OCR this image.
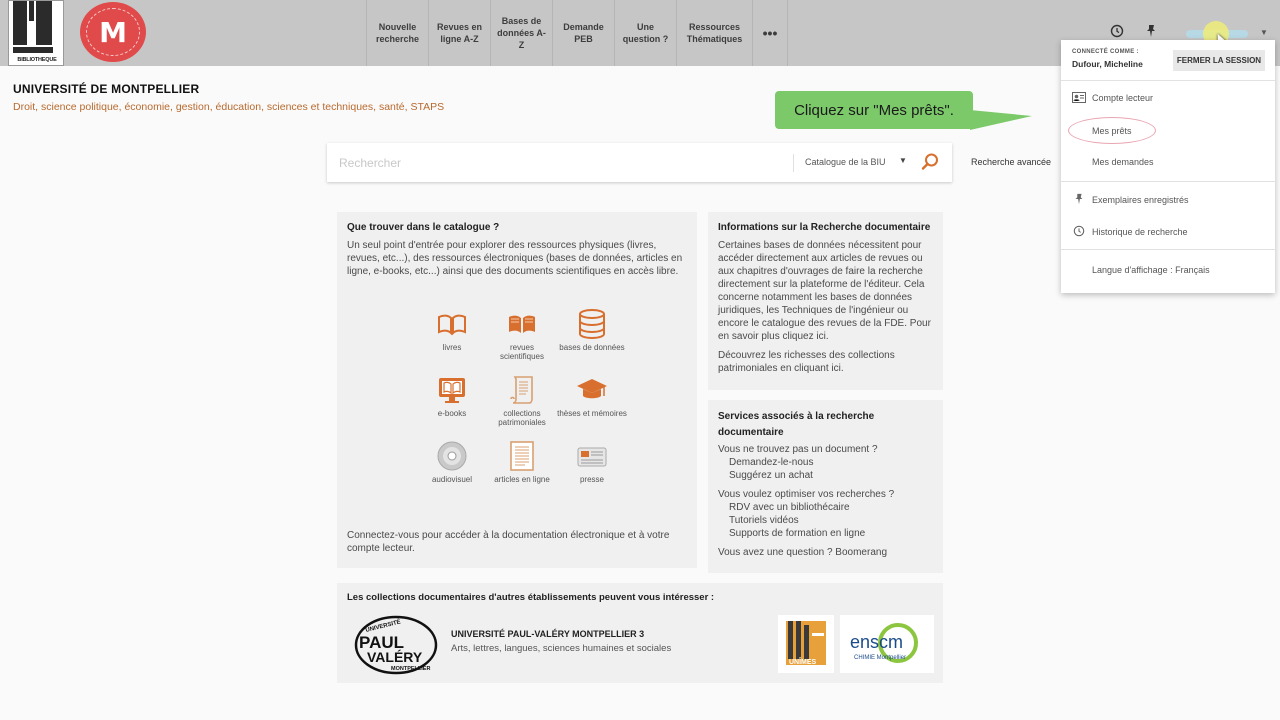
BIBLIOTHEQUE
M	Nouvelle recherche
Revues en ligne A-Z
Bases de données A-Z
Demande PEB
Une question ?
Ressources Thématiques	•••	▼
UNIVERSITÉ DE MONTPELLIER
Droit, science politique, économie, gestion, éducation, sciences et techniques, santé, STAPS
Rechercher
Catalogue de la BIU ▼	Recherche avancée
Que trouver dans le catalogue ?

Un seul point d'entrée pour explorer des ressources physiques (livres, revues, etc...), des ressources électroniques (bases de données, articles en ligne, e-books, etc...) ainsi que des documents scientifiques en accès libre.

livres	revues scientifiques
bases de données
e-books	collections patrimoniales
thèses et mémoires
audiovisuel	articles en ligne	presse
Connectez-vous pour accéder à la documentation électronique et à votre compte lecteur.
Informations sur la Recherche documentaire

Certaines bases de données nécessitent pour accéder directement aux articles de revues ou aux chapitres d'ouvrages de faire la recherche directement sur la plateforme de l'éditeur. Cela concerne notamment les bases de données juridiques, les Techniques de l'ingénieur ou encore le catalogue des revues de la FDE. Pour en savoir plus cliquez ici.

Découvrez les richesses des collections patrimoniales en cliquant ici.

Services associés à la recherche documentaire
Vous ne trouvez pas un document ?
Demandez-le-nous
Suggérez un achat
Vous voulez optimiser vos recherches ?
RDV avec un bibliothécaire
Tutoriels vidéos
Supports de formation en ligne
Vous avez une question ? Boomerang
Les collections documentaires d'autres établissements peuvent vous intéresser :
UNIVERSITÉ
PAUL
VALÉRY
MONTPELLIER
UNIVERSITÉ PAUL-VALÉRY MONTPELLIER 3
Arts, lettres, langues, sciences humaines et sociales
UNÎMES
enscm
CHIMIE Montpellier
CONNECTÉ COMME :
Dufour, Micheline	FERMER LA SESSION
Compte lecteur
Mes prêts
Mes demandes
Exemplaires enregistrés
Historique de recherche
Langue d'affichage : Français
Cliquez sur "Mes prêts".
